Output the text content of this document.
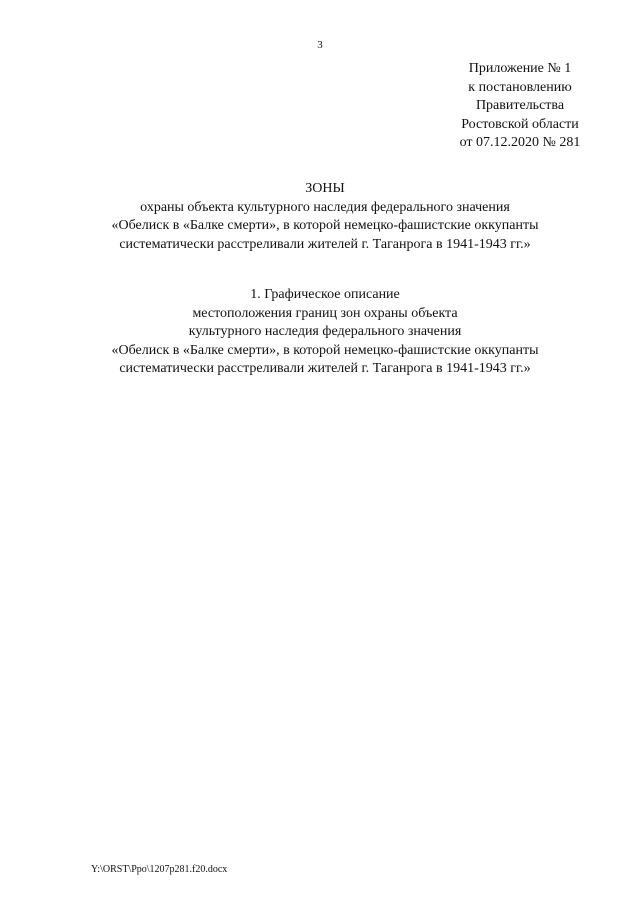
3
Приложение № 1
к постановлению
Правительства
Ростовской области
от 07.12.2020 № 281
ЗОНЫ
охраны объекта культурного наследия федерального значения
«Обелиск в «Балке смерти», в которой немецко-фашистские оккупанты
систематически расстреливали жителей г. Таганрога в 1941-1943 гг.»
1. Графическое описание
местоположения границ зон охраны объекта
культурного наследия федерального значения
«Обелиск в «Балке смерти», в которой немецко-фашистские оккупанты
систематически расстреливали жителей г. Таганрога в 1941-1943 гг.»
Y:\ORST\Ppo\1207p281.f20.docx
